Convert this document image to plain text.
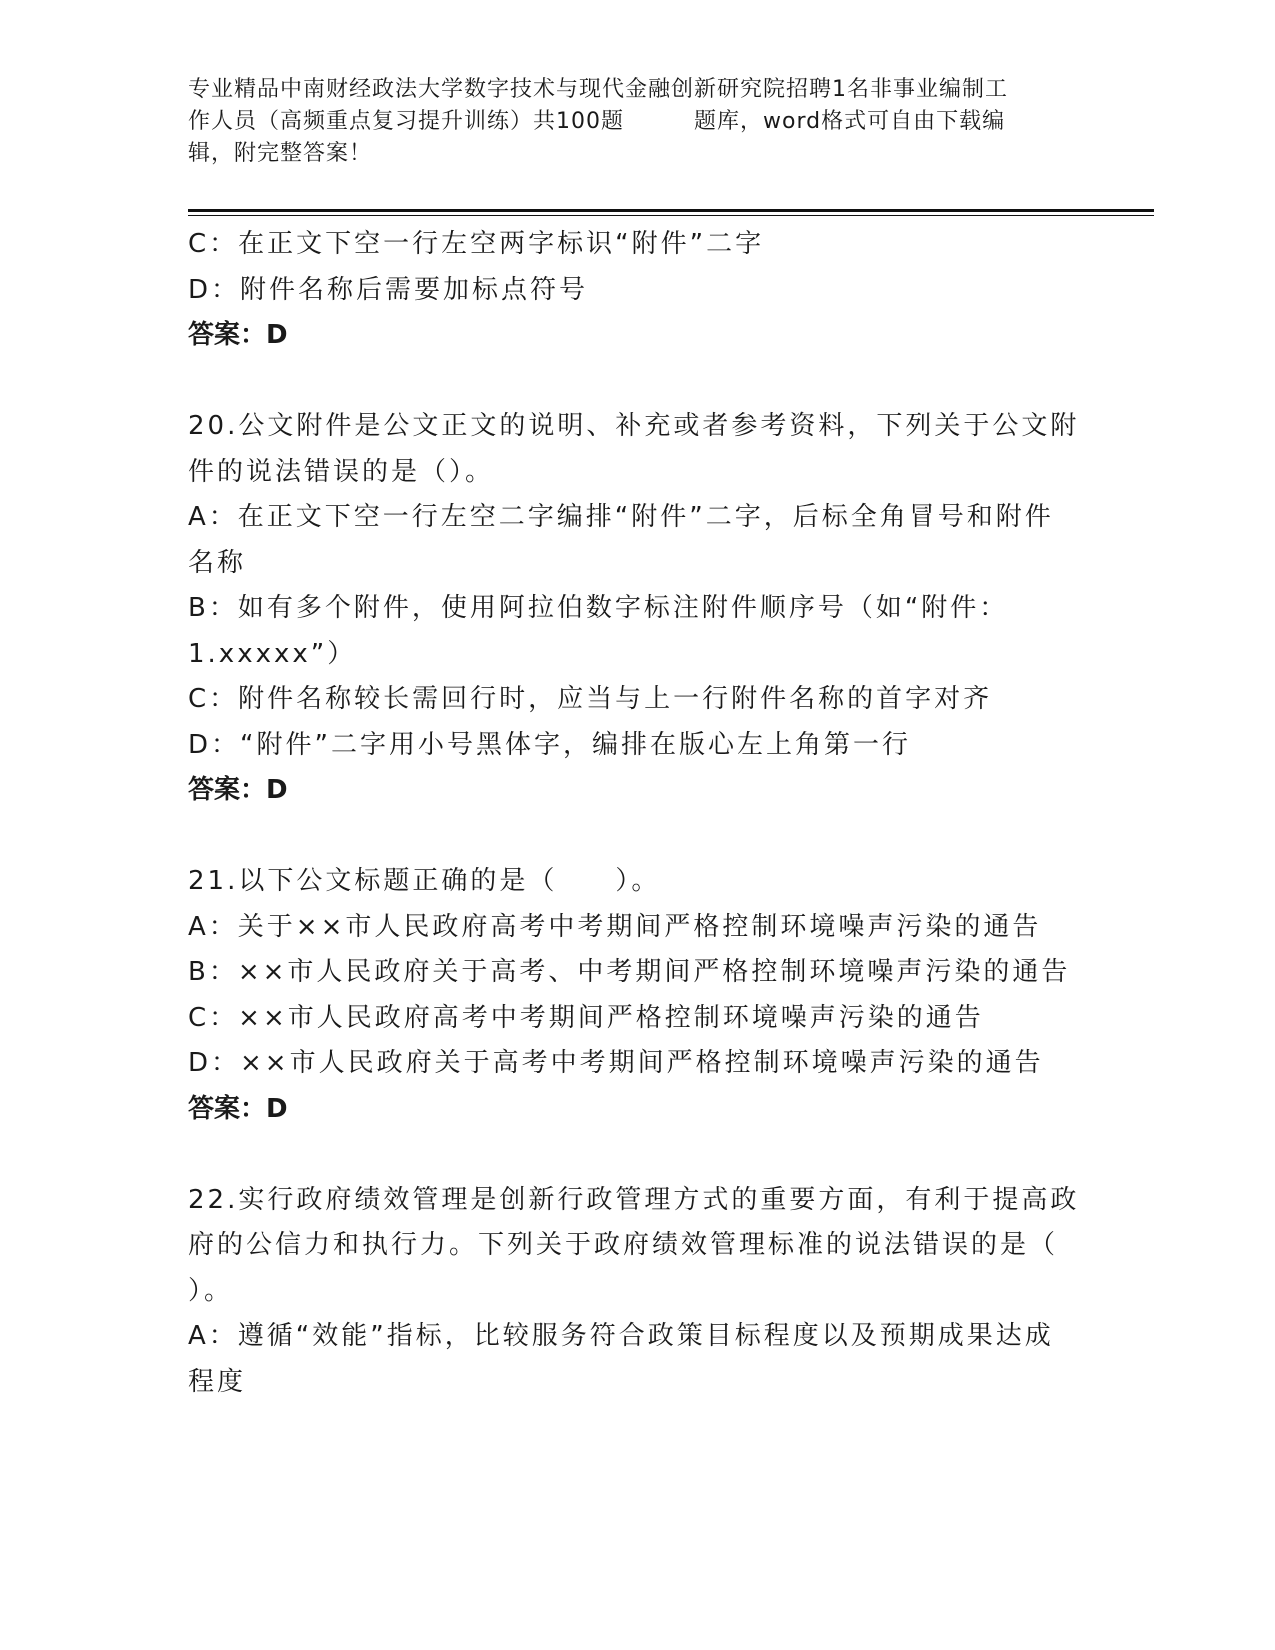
专业精品中南财经政法大学数字技术与现代金融创新研究院招聘1名非事业编制工
作人员（高频重点复习提升训练）共100题	题库，word格式可自由下载编
辑，附完整答案！
C：在正文下空一行左空两字标识“附件”二字
D：附件名称后需要加标点符号
答案：D
20.公文附件是公文正文的说明、补充或者参考资料，下列关于公文附
件的说法错误的是（）。
A：在正文下空一行左空二字编排“附件”二字，后标全角冒号和附件
名称
B：如有多个附件，使用阿拉伯数字标注附件顺序号（如“附件：
1.xxxxx”）
C：附件名称较长需回行时，应当与上一行附件名称的首字对齐
D：“附件”二字用小号黑体字，编排在版心左上角第一行
答案：D
21.以下公文标题正确的是（　　）。
A：关于××市人民政府高考中考期间严格控制环境噪声污染的通告
B：××市人民政府关于高考、中考期间严格控制环境噪声污染的通告
C：××市人民政府高考中考期间严格控制环境噪声污染的通告
D：××市人民政府关于高考中考期间严格控制环境噪声污染的通告
答案：D
22.实行政府绩效管理是创新行政管理方式的重要方面，有利于提高政
府的公信力和执行力。下列关于政府绩效管理标准的说法错误的是（
）。
A：遵循“效能”指标，比较服务符合政策目标程度以及预期成果达成
程度
